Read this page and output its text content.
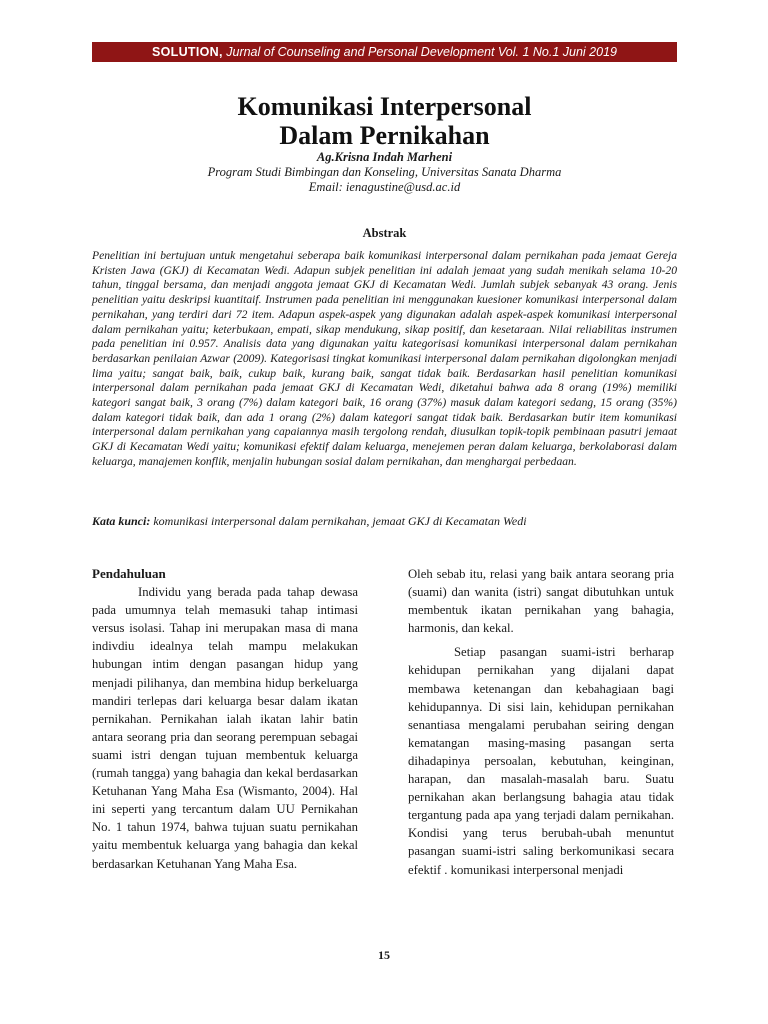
SOLUTION, Jurnal of Counseling and Personal Development Vol. 1 No.1 Juni 2019
Komunikasi Interpersonal
Dalam Pernikahan
Ag.Krisna Indah Marheni
Program Studi Bimbingan dan Konseling, Universitas Sanata Dharma
Email: ienagustine@usd.ac.id
Abstrak
Penelitian ini bertujuan untuk mengetahui seberapa baik komunikasi interpersonal dalam pernikahan pada jemaat Gereja Kristen Jawa (GKJ) di Kecamatan Wedi. Adapun subjek penelitian ini adalah jemaat yang sudah menikah selama 10-20 tahun, tinggal bersama, dan menjadi anggota jemaat GKJ di Kecamatan Wedi. Jumlah subjek sebanyak 43 orang. Jenis penelitian yaitu deskripsi kuantitaif. Instrumen pada penelitian ini menggunakan kuesioner komunikasi interpersonal dalam pernikahan, yang terdiri dari 72 item. Adapun aspek-aspek yang digunakan adalah aspek-aspek komunikasi interpersonal dalam pernikahan yaitu; keterbukaan, empati, sikap mendukung, sikap positif, dan kesetaraan. Nilai reliabilitas instrumen pada penelitian ini 0.957. Analisis data yang digunakan yaitu kategorisasi komunikasi interpersonal dalam pernikahan berdasarkan penilaian Azwar (2009). Kategorisasi tingkat komunikasi interpersonal dalam pernikahan digolongkan menjadi lima yaitu; sangat baik, baik, cukup baik, kurang baik, sangat tidak baik. Berdasarkan hasil penelitian komunikasi interpersonal dalam pernikahan pada jemaat GKJ di Kecamatan Wedi, diketahui bahwa ada 8 orang (19%) memiliki kategori sangat baik, 3 orang (7%) dalam kategori baik, 16 orang (37%) masuk dalam kategori sedang, 15 orang (35%) dalam kategori tidak baik, dan ada 1 orang (2%) dalam kategori sangat tidak baik. Berdasarkan butir item komunikasi interpersonal dalam pernikahan yang capaiannya masih tergolong rendah, diusulkan topik-topik pembinaan pasutri jemaat GKJ di Kecamatan Wedi yaitu; komunikasi efektif dalam keluarga, menejemen peran dalam keluarga, berkolaborasi dalam keluarga, manajemen konflik, menjalin hubungan sosial dalam pernikahan, dan menghargai perbedaan.
Kata kunci: komunikasi interpersonal dalam pernikahan, jemaat GKJ di Kecamatan Wedi

Pendahuluan

Individu yang berada pada tahap dewasa pada umumnya telah memasuki tahap intimasi versus isolasi. Tahap ini merupakan masa di mana indivdiu idealnya telah mampu melakukan hubungan intim dengan pasangan hidup yang menjadi pilihanya, dan membina hidup berkeluarga mandiri terlepas dari keluarga besar dalam ikatan pernikahan. Pernikahan ialah ikatan lahir batin antara seorang pria dan seorang perempuan sebagai suami istri dengan tujuan membentuk keluarga (rumah tangga) yang bahagia dan kekal berdasarkan Ketuhanan Yang Maha Esa (Wismanto, 2004). Hal ini seperti yang tercantum dalam UU Pernikahan No. 1 tahun 1974, bahwa tujuan suatu pernikahan yaitu membentuk keluarga yang bahagia dan kekal berdasarkan Ketuhanan Yang Maha Esa.

Oleh sebab itu, relasi yang baik antara seorang pria (suami) dan wanita (istri) sangat dibutuhkan untuk membentuk ikatan pernikahan yang bahagia, harmonis, dan kekal.

Setiap pasangan suami-istri berharap kehidupan pernikahan yang dijalani dapat membawa ketenangan dan kebahagiaan bagi kehidupannya. Di sisi lain, kehidupan pernikahan senantiasa mengalami perubahan seiring dengan kematangan masing-masing pasangan serta dihadapinya persoalan, kebutuhan, keinginan, harapan, dan masalah-masalah baru. Suatu pernikahan akan berlangsung bahagia atau tidak tergantung pada apa yang terjadi dalam pernikahan. Kondisi yang terus berubah-ubah menuntut pasangan suami-istri saling berkomunikasi secara efektif . komunikasi interpersonal menjadi

15
